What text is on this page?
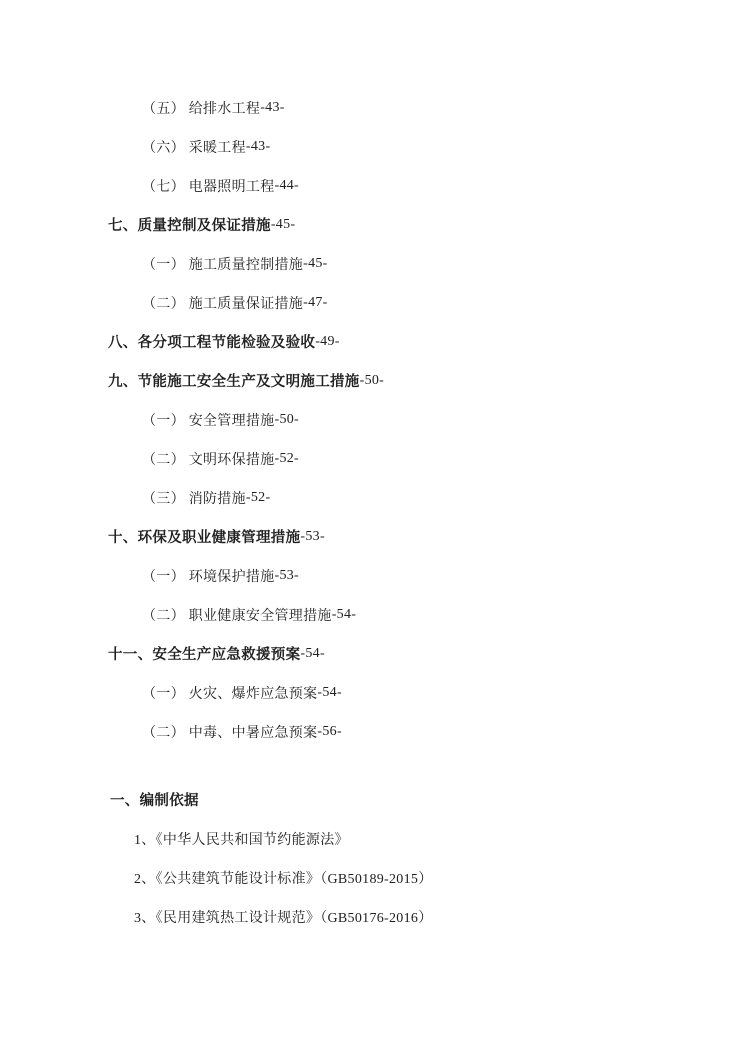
（五） 给排水工程 -43-
（六） 采暖工程 -43-
（七） 电器照明工程 -44-
七、质量控制及保证措施 -45-
（一） 施工质量控制措施 -45-
（二） 施工质量保证措施 -47-
八、各分项工程节能检验及验收 -49-
九、节能施工安全生产及文明施工措施 -50-
（一） 安全管理措施 -50-
（二） 文明环保措施 -52-
（三） 消防措施 -52-
十、环保及职业健康管理措施 -53-
（一） 环境保护措施 -53-
（二） 职业健康安全管理措施 -54-
十一、安全生产应急救援预案 -54-
（一） 火灾、爆炸应急预案 -54-
（二） 中毒、中暑应急预案 -56-
一、编制依据
1、《中华人民共和国节约能源法》
2、《公共建筑节能设计标准》（GB50189-2015）
3、《民用建筑热工设计规范》（GB50176-2016）
